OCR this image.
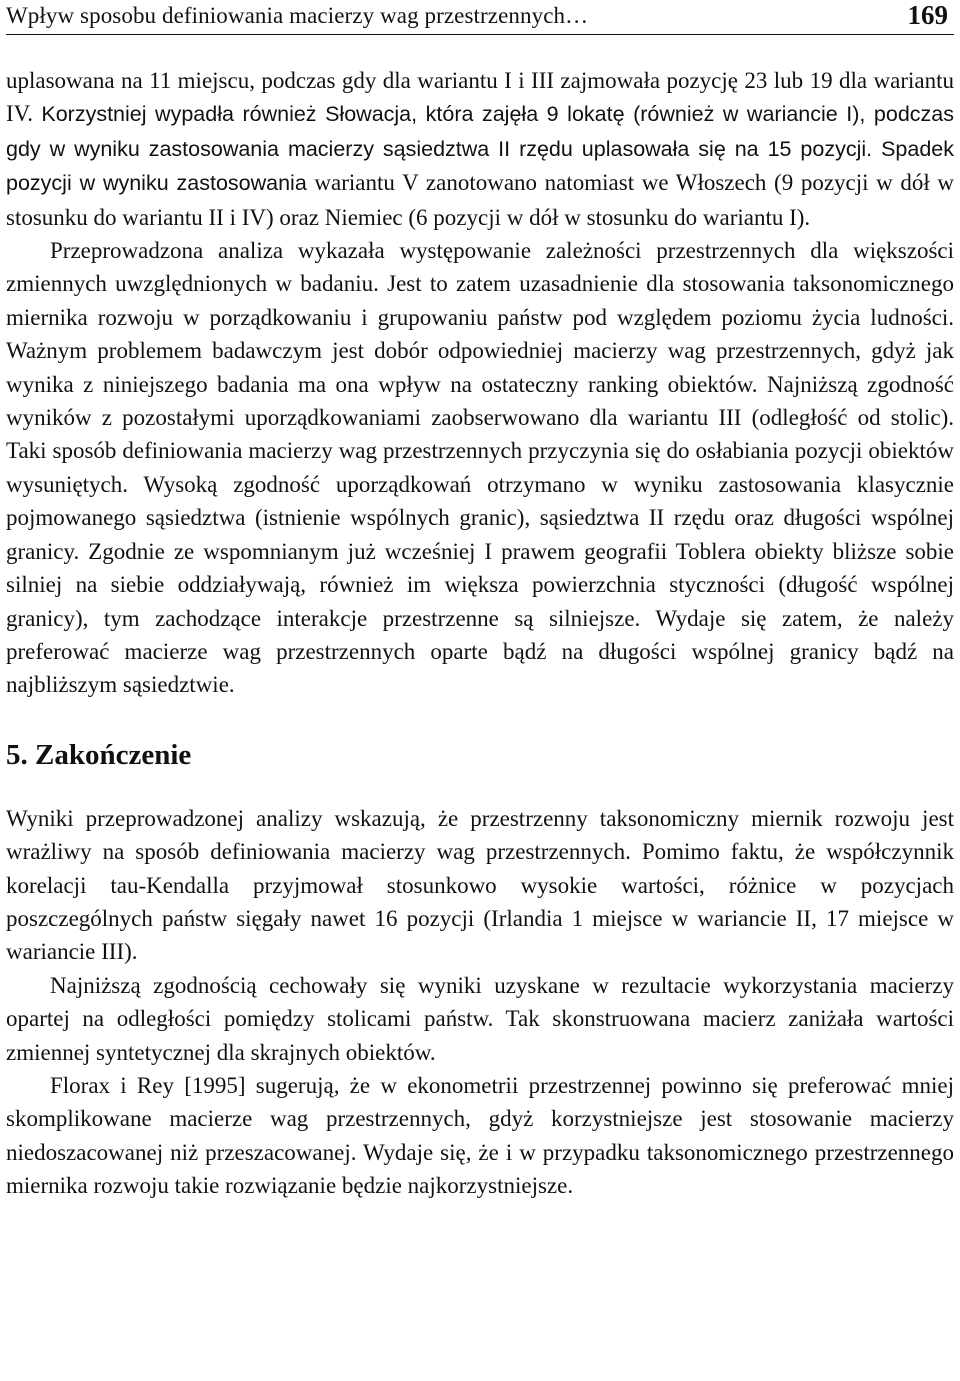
Wpływ sposobu definiowania macierzy wag przestrzennych…	169

uplasowana na 11 miejscu, podczas gdy dla wariantu I i III zajmowała pozycję 23 lub 19 dla wariantu IV. Korzystniej wypadła również Słowacja, która zajęła 9 lokatę (również w wariancie I), podczas gdy w wyniku zastosowania macierzy sąsiedztwa II rzędu uplasowała się na 15 pozycji. Spadek pozycji w wyniku zastosowania wariantu V zanotowano natomiast we Włoszech (9 pozycji w dół w stosunku do wariantu II i IV) oraz Niemiec (6 pozycji w dół w stosunku do wariantu I).

Przeprowadzona analiza wykazała występowanie zależności przestrzennych dla większości zmiennych uwzględnionych w badaniu. Jest to zatem uzasadnienie dla stosowania taksonomicznego miernika rozwoju w porządkowaniu i grupowaniu państw pod względem poziomu życia ludności. Ważnym problemem badawczym jest dobór odpowiedniej macierzy wag przestrzennych, gdyż jak wynika z niniejszego badania ma ona wpływ na ostateczny ranking obiektów. Najniższą zgodność wyników z pozostałymi uporządkowaniami zaobserwowano dla wariantu III (odległość od stolic). Taki sposób definiowania macierzy wag przestrzennych przyczynia się do osłabiania pozycji obiektów wysuniętych. Wysoką zgodność uporządkowań otrzymano w wyniku zastosowania klasycznie pojmowanego sąsiedztwa (istnienie wspólnych granic), sąsiedztwa II rzędu oraz długości wspólnej granicy. Zgodnie ze wspomnianym już wcześniej I prawem geografii Toblera obiekty bliższe sobie silniej na siebie oddziaływają, również im większa powierzchnia styczności (długość wspólnej granicy), tym zachodzące interakcje przestrzenne są silniejsze. Wydaje się zatem, że należy preferować macierze wag przestrzennych oparte bądź na długości wspólnej granicy bądź na najbliższym sąsiedztwie.

5. Zakończenie

Wyniki przeprowadzonej analizy wskazują, że przestrzenny taksonomiczny miernik rozwoju jest wrażliwy na sposób definiowania macierzy wag przestrzennych. Pomimo faktu, że współczynnik korelacji tau-Kendalla przyjmował stosunkowo wysokie wartości, różnice w pozycjach poszczególnych państw sięgały nawet 16 pozycji (Irlandia 1 miejsce w wariancie II, 17 miejsce w wariancie III).

Najniższą zgodnością cechowały się wyniki uzyskane w rezultacie wykorzystania macierzy opartej na odległości pomiędzy stolicami państw. Tak skonstruowana macierz zaniżała wartości zmiennej syntetycznej dla skrajnych obiektów.

Florax i Rey [1995] sugerują, że w ekonometrii przestrzennej powinno się preferować mniej skomplikowane macierze wag przestrzennych, gdyż korzystniejsze jest stosowanie macierzy niedoszacowanej niż przeszacowanej. Wydaje się, że i w przypadku taksonomicznego przestrzennego miernika rozwoju takie rozwiązanie będzie najkorzystniejsze.
